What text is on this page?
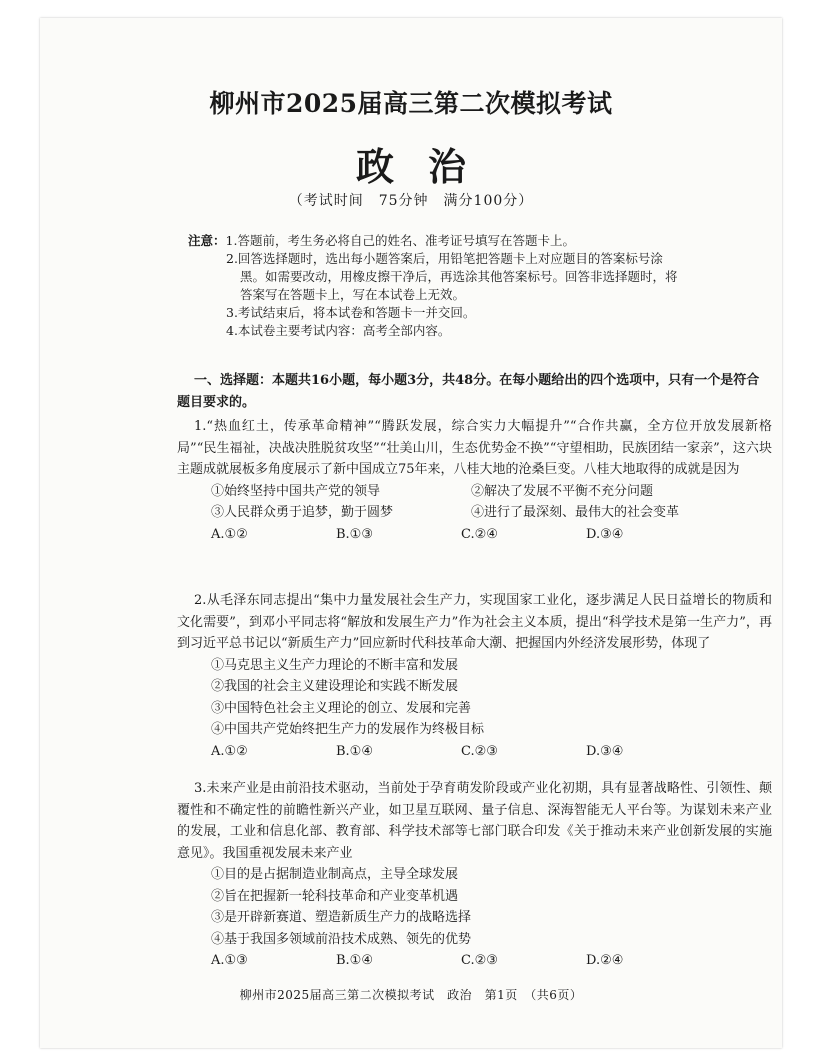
柳州市2025届高三第二次模拟考试
政治
（考试时间　75分钟　满分100分）
注意：1.答题前，考生务必将自己的姓名、准考证号填写在答题卡上。
2.回答选择题时，选出每小题答案后，用铅笔把答题卡上对应题目的答案标号涂
黑。如需要改动，用橡皮擦干净后，再选涂其他答案标号。回答非选择题时，将
答案写在答题卡上，写在本试卷上无效。
3.考试结束后，将本试卷和答题卡一并交回。
4.本试卷主要考试内容：高考全部内容。
一、选择题：本题共16小题，每小题3分，共48分。在每小题给出的四个选项中，只有一个是符合题目要求的。
1.“热血红土，传承革命精神”“腾跃发展，综合实力大幅提升”“合作共赢，全方位开放发展新格局”“民生福祉，决战决胜脱贫攻坚”“壮美山川，生态优势金不换”“守望相助，民族团结一家亲”，这六块主题成就展板多角度展示了新中国成立75年来，八桂大地的沧桑巨变。八桂大地取得的成就是因为
①始终坚持中国共产党的领导	②解决了发展不平衡不充分问题
③人民群众勇于追梦，勤于圆梦	④进行了最深刻、最伟大的社会变革
A.①②	B.①③	C.②④	D.③④
2.从毛泽东同志提出“集中力量发展社会生产力，实现国家工业化，逐步满足人民日益增长的物质和文化需要”，到邓小平同志将“解放和发展生产力”作为社会主义本质，提出“科学技术是第一生产力”，再到习近平总书记以“新质生产力”回应新时代科技革命大潮、把握国内外经济发展形势，体现了
①马克思主义生产力理论的不断丰富和发展
②我国的社会主义建设理论和实践不断发展
③中国特色社会主义理论的创立、发展和完善
④中国共产党始终把生产力的发展作为终极目标
A.①②	B.①④	C.②③	D.③④
3.未来产业是由前沿技术驱动，当前处于孕育萌发阶段或产业化初期，具有显著战略性、引领性、颠覆性和不确定性的前瞻性新兴产业，如卫星互联网、量子信息、深海智能无人平台等。为谋划未来产业的发展，工业和信息化部、教育部、科学技术部等七部门联合印发《关于推动未来产业创新发展的实施意见》。我国重视发展未来产业
①目的是占据制造业制高点，主导全球发展
②旨在把握新一轮科技革命和产业变革机遇
③是开辟新赛道、塑造新质生产力的战略选择
④基于我国多领域前沿技术成熟、领先的优势
A.①③	B.①④	C.②③	D.②④
柳州市2025届高三第二次模拟考试　政治　第1页　（共6页）
